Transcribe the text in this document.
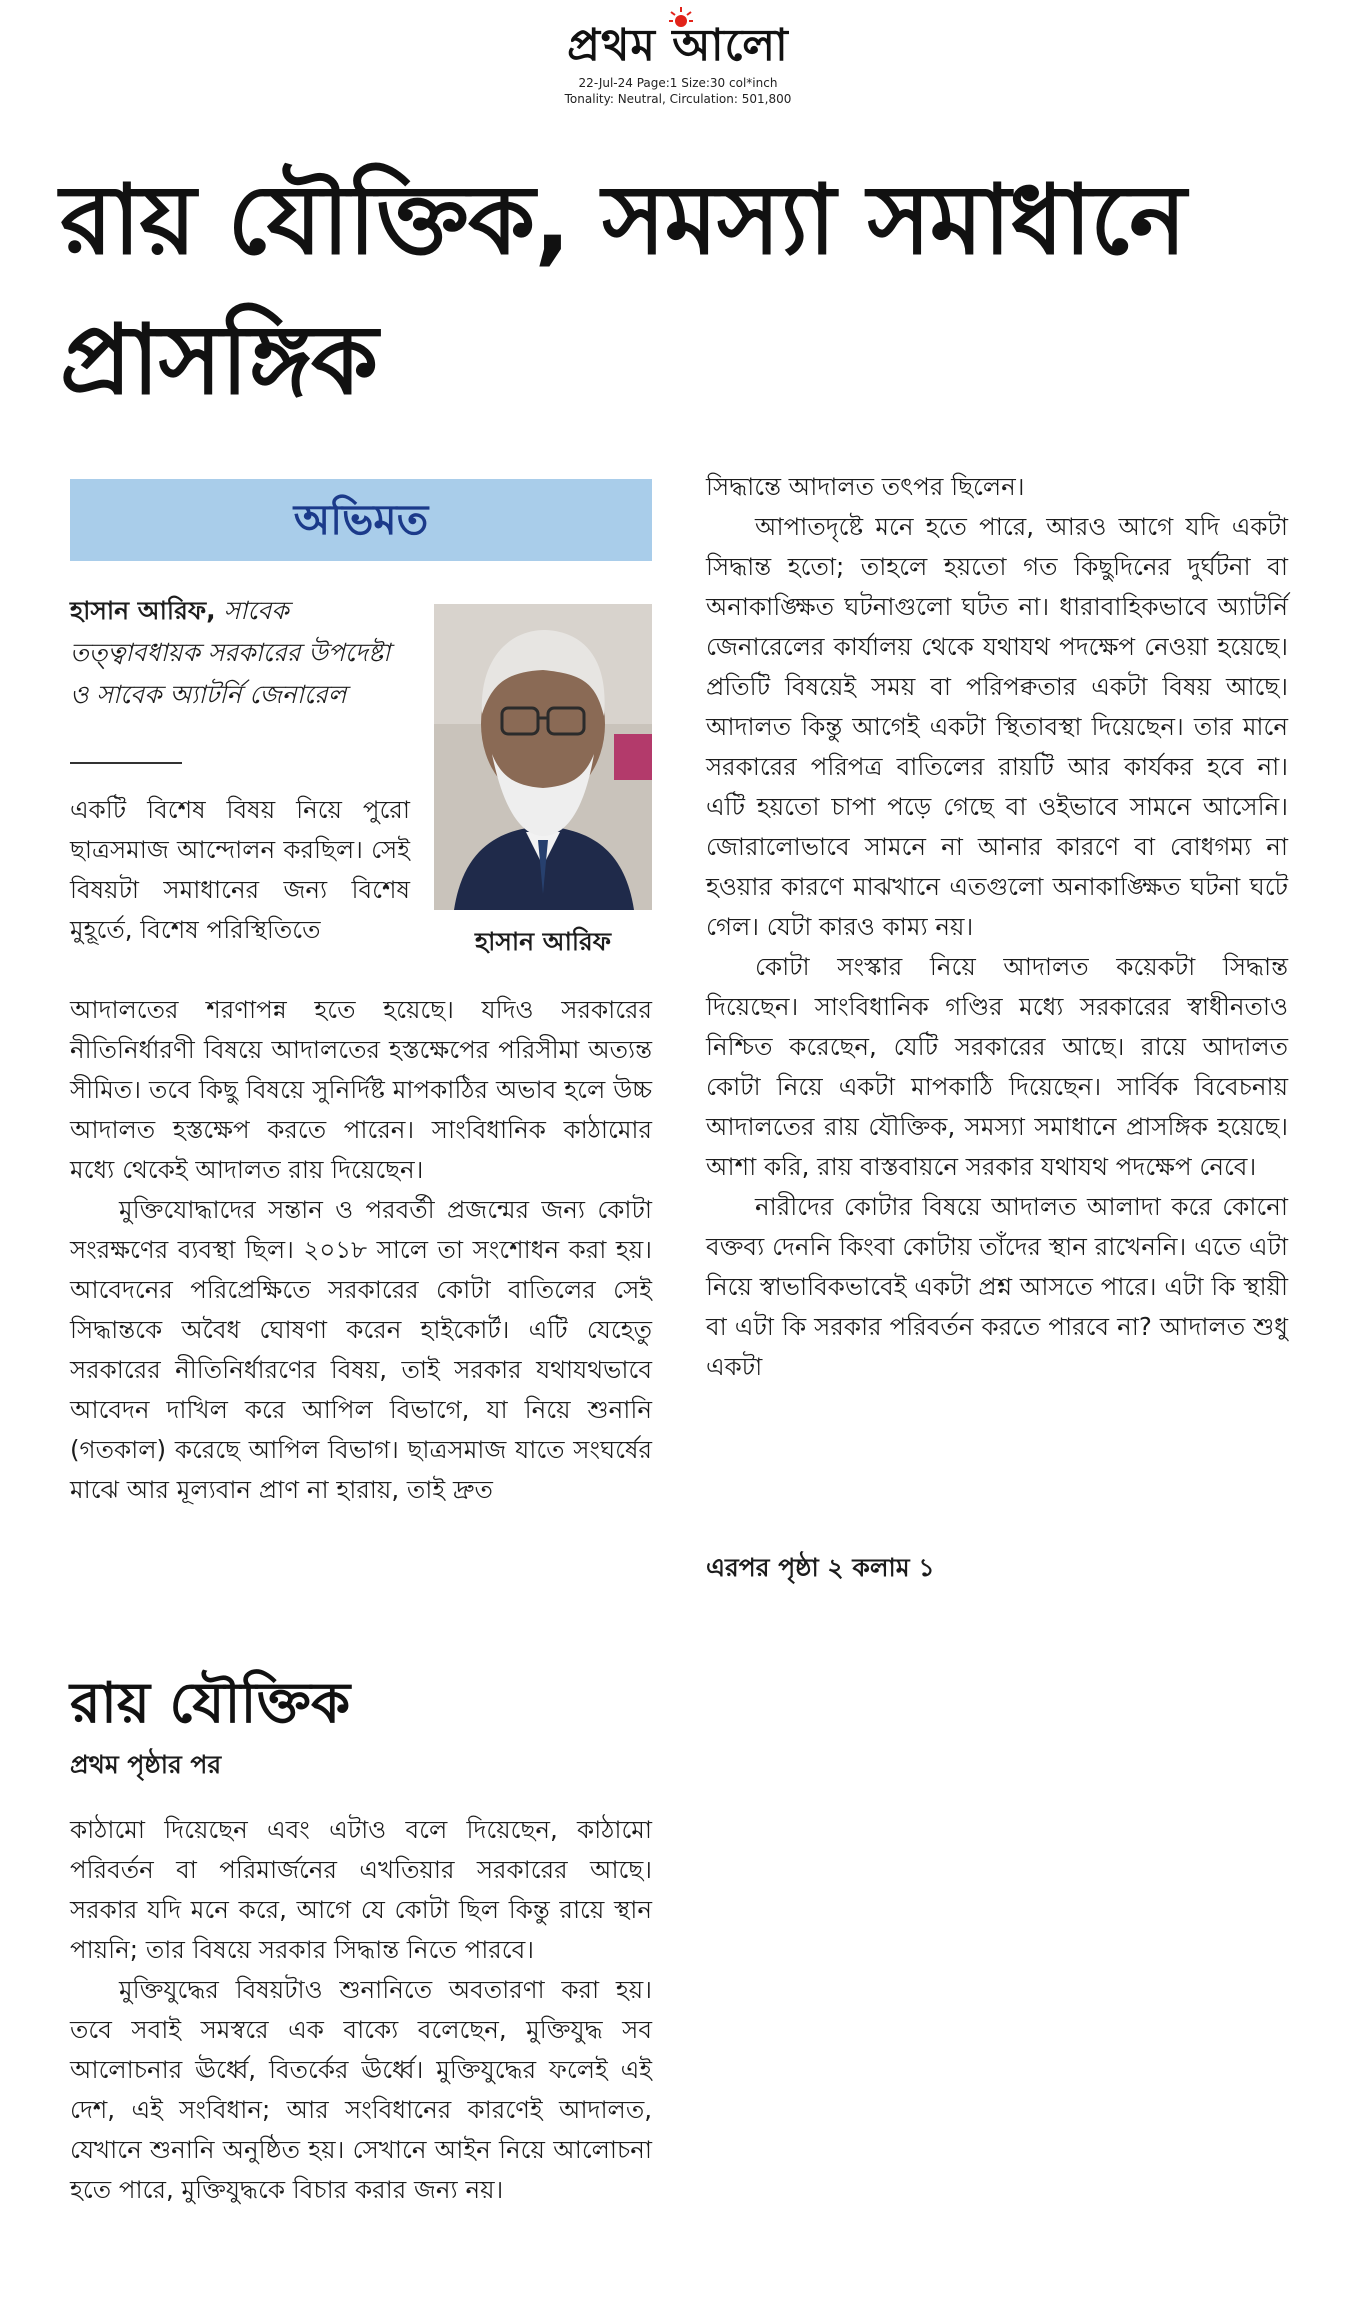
প্রথম আলো
22-Jul-24 Page:1 Size:30 col*inch
Tonality: Neutral, Circulation: 501,800
রায় যৌক্তিক, সমস্যা সমাধানে প্রাসঙ্গিক
অভিমত
হাসান আরিফ, সাবেক তত্ত্বাবধায়ক সরকারের উপদেষ্টা ও সাবেক অ্যাটর্নি জেনারেল
হাসান আরিফ

একটি বিশেষ বিষয় নিয়ে পুরো ছাত্রসমাজ আন্দোলন করছিল। সেই বিষয়টা সমাধানের জন্য বিশেষ মুহূর্তে, বিশেষ পরিস্থিতিতে

আদালতের শরণাপন্ন হতে হয়েছে। যদিও সরকারের নীতিনির্ধারণী বিষয়ে আদালতের হস্তক্ষেপের পরিসীমা অত্যন্ত সীমিত। তবে কিছু বিষয়ে সুনির্দিষ্ট মাপকাঠির অভাব হলে উচ্চ আদালত হস্তক্ষেপ করতে পারেন। সাংবিধানিক কাঠামোর মধ্যে থেকেই আদালত রায় দিয়েছেন।

মুক্তিযোদ্ধাদের সন্তান ও পরবর্তী প্রজন্মের জন্য কোটা সংরক্ষণের ব্যবস্থা ছিল। ২০১৮ সালে তা সংশোধন করা হয়। আবেদনের পরিপ্রেক্ষিতে সরকারের কোটা বাতিলের সেই সিদ্ধান্তকে অবৈধ ঘোষণা করেন হাইকোর্ট। এটি যেহেতু সরকারের নীতিনির্ধারণের বিষয়, তাই সরকার যথাযথভাবে আবেদন দাখিল করে আপিল বিভাগে, যা নিয়ে শুনানি (গতকাল) করেছে আপিল বিভাগ। ছাত্রসমাজ যাতে সংঘর্ষের মাঝে আর মূল্যবান প্রাণ না হারায়, তাই দ্রুত

সিদ্ধান্তে আদালত তৎপর ছিলেন।

আপাতদৃষ্টে মনে হতে পারে, আরও আগে যদি একটা সিদ্ধান্ত হতো; তাহলে হয়তো গত কিছুদিনের দুর্ঘটনা বা অনাকাঙ্ক্ষিত ঘটনাগুলো ঘটত না। ধারাবাহিকভাবে অ্যাটর্নি জেনারেলের কার্যালয় থেকে যথাযথ পদক্ষেপ নেওয়া হয়েছে। প্রতিটি বিষয়েই সময় বা পরিপক্বতার একটা বিষয় আছে। আদালত কিন্তু আগেই একটা স্থিতাবস্থা দিয়েছেন। তার মানে সরকারের পরিপত্র বাতিলের রায়টি আর কার্যকর হবে না। এটি হয়তো চাপা পড়ে গেছে বা ওইভাবে সামনে আসেনি। জোরালোভাবে সামনে না আনার কারণে বা বোধগম্য না হওয়ার কারণে মাঝখানে এতগুলো অনাকাঙ্ক্ষিত ঘটনা ঘটে গেল। যেটা কারও কাম্য নয়।

কোটা সংস্কার নিয়ে আদালত কয়েকটা সিদ্ধান্ত দিয়েছেন। সাংবিধানিক গণ্ডির মধ্যে সরকারের স্বাধীনতাও নিশ্চিত করেছেন, যেটি সরকারের আছে। রায়ে আদালত কোটা নিয়ে একটা মাপকাঠি দিয়েছেন। সার্বিক বিবেচনায় আদালতের রায় যৌক্তিক, সমস্যা সমাধানে প্রাসঙ্গিক হয়েছে। আশা করি, রায় বাস্তবায়নে সরকার যথাযথ পদক্ষেপ নেবে।

নারীদের কোটার বিষয়ে আদালত আলাদা করে কোনো বক্তব্য দেননি কিংবা কোটায় তাঁদের স্থান রাখেননি। এতে এটা নিয়ে স্বাভাবিকভাবেই একটা প্রশ্ন আসতে পারে। এটা কি স্থায়ী বা এটা কি সরকার পরিবর্তন করতে পারবে না? আদালত শুধু একটা

এরপর পৃষ্ঠা ২ কলাম ১
রায় যৌক্তিক
প্রথম পৃষ্ঠার পর

কাঠামো দিয়েছেন এবং এটাও বলে দিয়েছেন, কাঠামো পরিবর্তন বা পরিমার্জনের এখতিয়ার সরকারের আছে। সরকার যদি মনে করে, আগে যে কোটা ছিল কিন্তু রায়ে স্থান পায়নি; তার বিষয়ে সরকার সিদ্ধান্ত নিতে পারবে।

মুক্তিযুদ্ধের বিষয়টাও শুনানিতে অবতারণা করা হয়। তবে সবাই সমস্বরে এক বাক্যে বলেছেন, মুক্তিযুদ্ধ সব আলোচনার ঊর্ধ্বে, বিতর্কের ঊর্ধ্বে। মুক্তিযুদ্ধের ফলেই এই দেশ, এই সংবিধান; আর সংবিধানের কারণেই আদালত, যেখানে শুনানি অনুষ্ঠিত হয়। সেখানে আইন নিয়ে আলোচনা হতে পারে, মুক্তিযুদ্ধকে বিচার করার জন্য নয়।
